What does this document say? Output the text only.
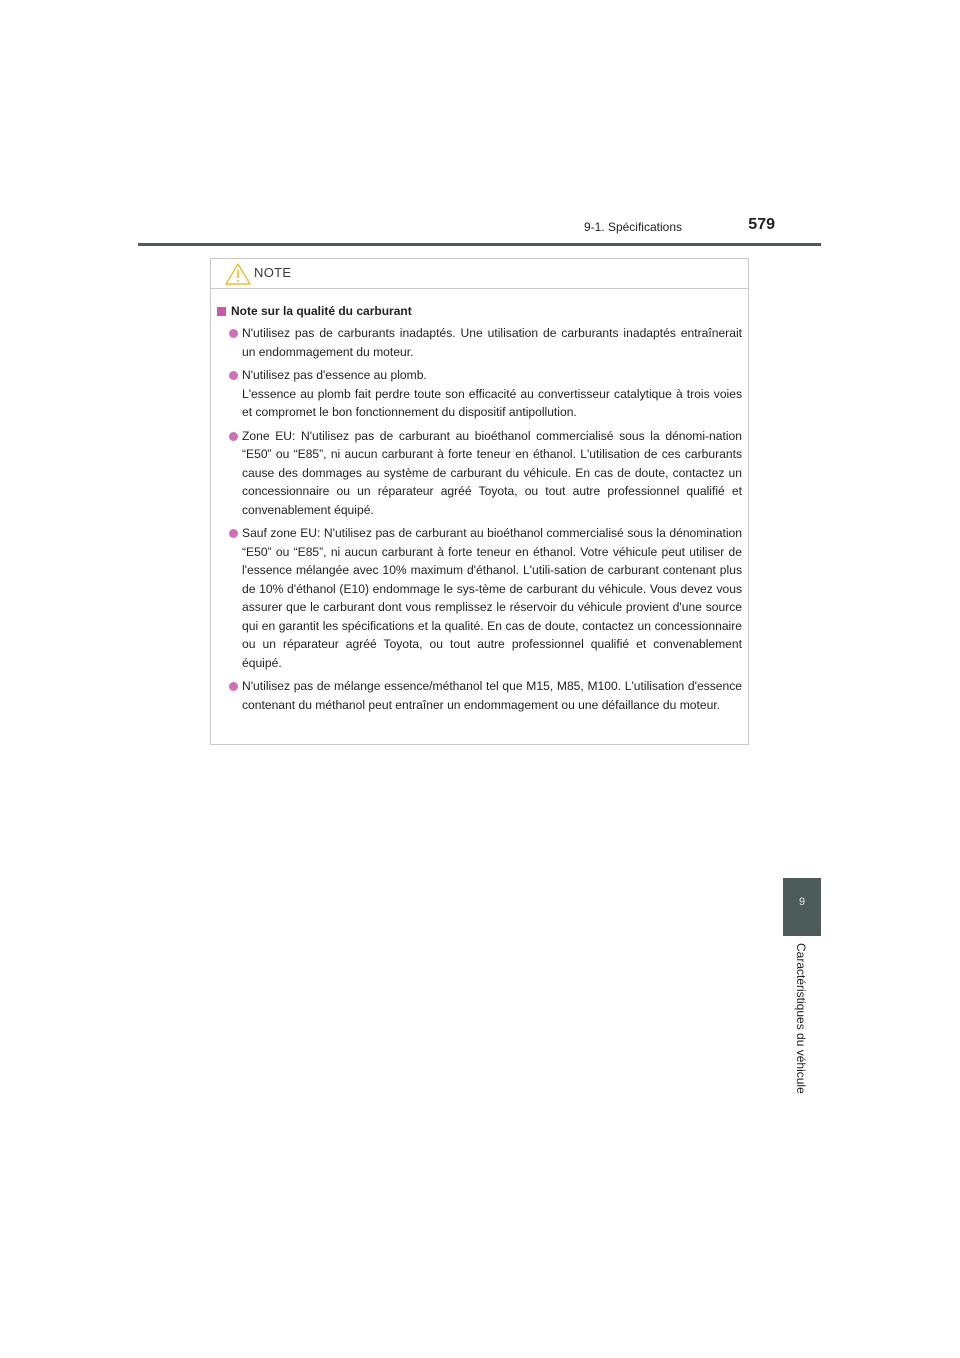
9-1. Spécifications	579
NOTE
Note sur la qualité du carburant
N'utilisez pas de carburants inadaptés. Une utilisation de carburants inadaptés entraînerait un endommagement du moteur.
N'utilisez pas d'essence au plomb.
L'essence au plomb fait perdre toute son efficacité au convertisseur catalytique à trois voies et compromet le bon fonctionnement du dispositif antipollution.
Zone EU: N'utilisez pas de carburant au bioéthanol commercialisé sous la dénomi-nation “E50” ou “E85”, ni aucun carburant à forte teneur en éthanol. L'utilisation de ces carburants cause des dommages au système de carburant du véhicule. En cas de doute, contactez un concessionnaire ou un réparateur agréé Toyota, ou tout autre professionnel qualifié et convenablement équipé.
Sauf zone EU: N'utilisez pas de carburant au bioéthanol commercialisé sous la dénomination “E50” ou “E85”, ni aucun carburant à forte teneur en éthanol. Votre véhicule peut utiliser de l'essence mélangée avec 10% maximum d'éthanol. L'utili-sation de carburant contenant plus de 10% d'éthanol (E10) endommage le sys-tème de carburant du véhicule. Vous devez vous assurer que le carburant dont vous remplissez le réservoir du véhicule provient d'une source qui en garantit les spécifications et la qualité. En cas de doute, contactez un concessionnaire ou un réparateur agréé Toyota, ou tout autre professionnel qualifié et convenablement équipé.
N'utilisez pas de mélange essence/méthanol tel que M15, M85, M100. L'utilisation d'essence contenant du méthanol peut entraîner un endommagement ou une défaillance du moteur.
9
Caractéristiques du véhicule
